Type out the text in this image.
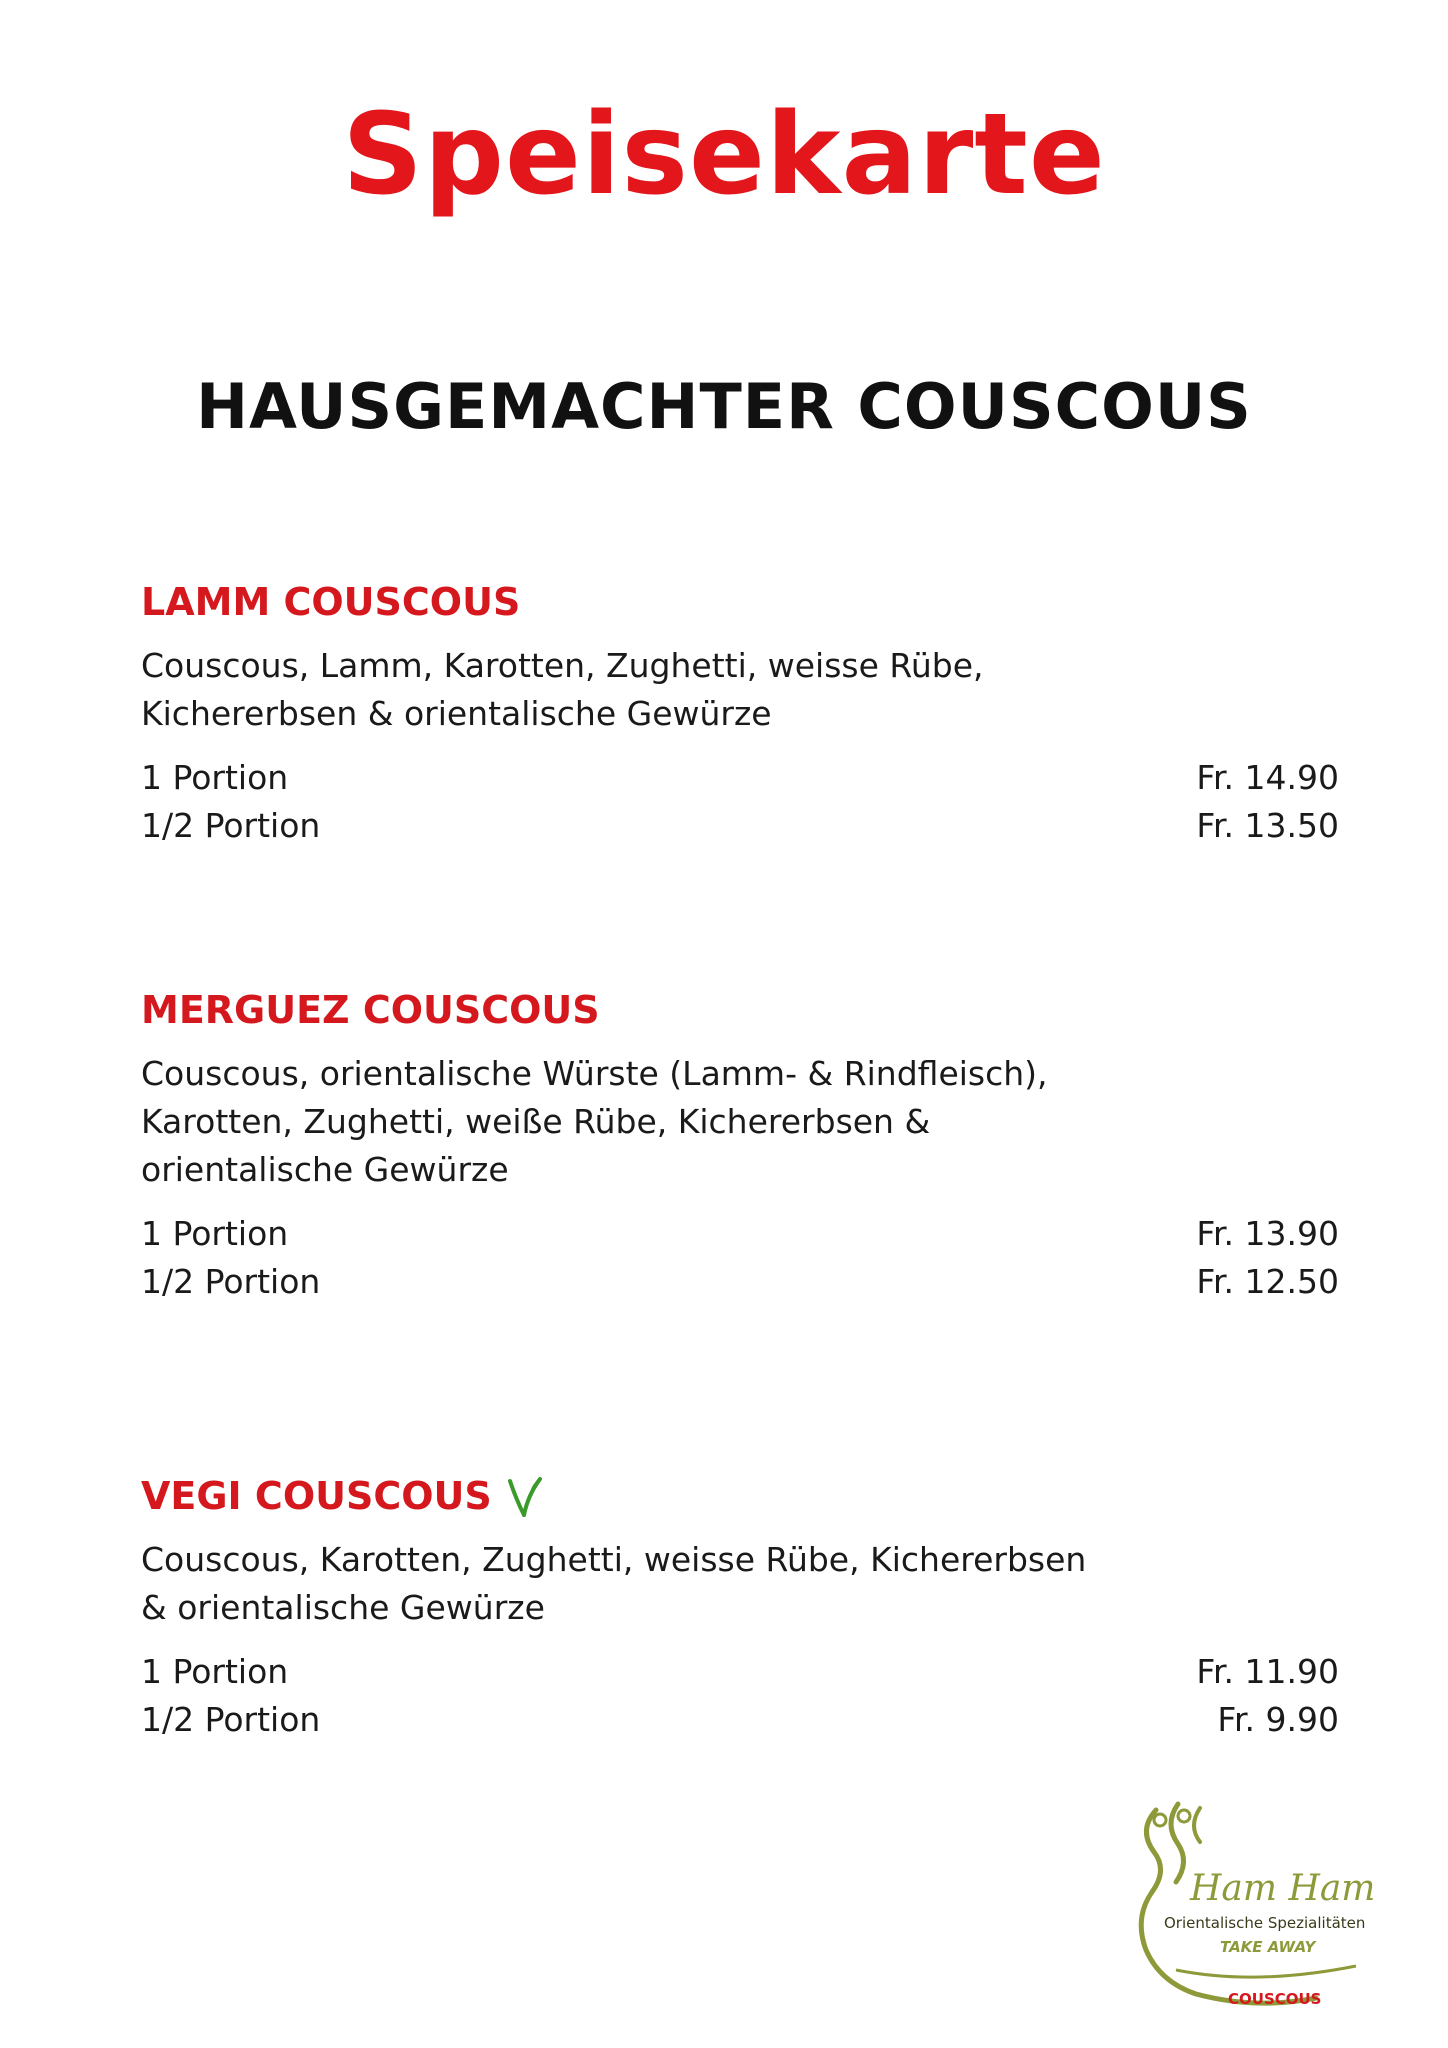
Speisekarte
HAUSGEMACHTER COUSCOUS
LAMM COUSCOUS
Couscous, Lamm, Karotten, Zughetti, weisse Rübe,
Kichererbsen & orientalische Gewürze
1 Portion	Fr. 14.90
1/2 Portion	Fr. 13.50
MERGUEZ COUSCOUS
Couscous, orientalische Würste (Lamm- & Rindfleisch),
Karotten, Zughetti, weiße Rübe, Kichererbsen &
orientalische Gewürze
1 Portion	Fr. 13.90
1/2 Portion	Fr. 12.50
VEGI COUSCOUS
Couscous, Karotten, Zughetti, weisse Rübe, Kichererbsen
& orientalische Gewürze
1 Portion	Fr. 11.90
1/2 Portion	Fr. 9.90
Ham Ham
Orientalische Spezialitäten
TAKE AWAY
COUSCOUS
